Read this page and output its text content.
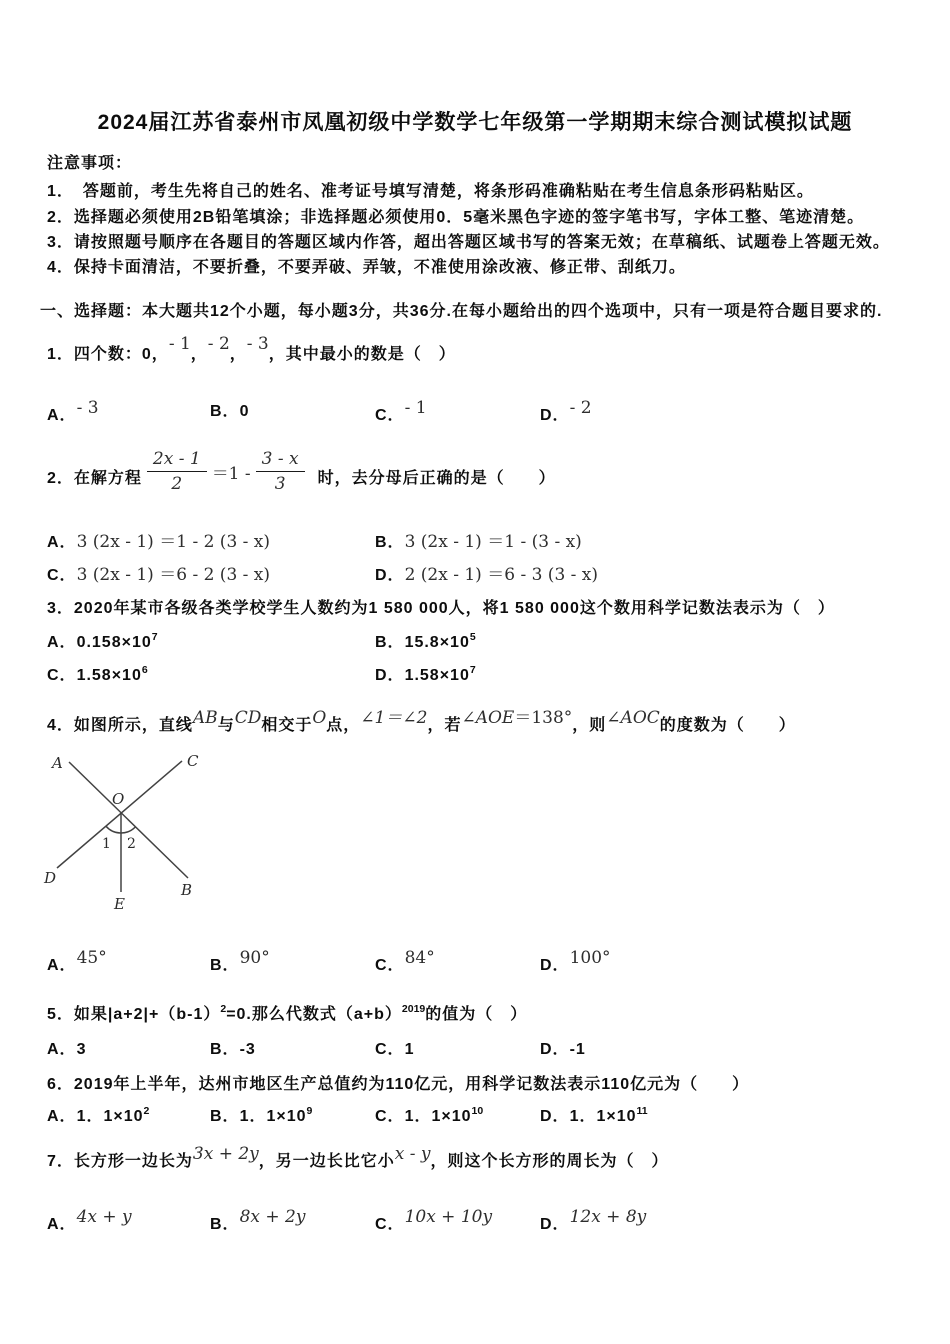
2024届江苏省泰州市凤凰初级中学数学七年级第一学期期末综合测试模拟试题
注意事项：
1．　答题前，考生先将自己的姓名、准考证号填写清楚，将条形码准确粘贴在考生信息条形码粘贴区。
2．选择题必须使用2B铅笔填涂；非选择题必须使用0．5毫米黑色字迹的签字笔书写，字体工整、笔迹清楚。
3．请按照题号顺序在各题目的答题区域内作答，超出答题区域书写的答案无效；在草稿纸、试题卷上答题无效。
4．保持卡面清洁，不要折叠，不要弄破、弄皱，不准使用涂改液、修正带、刮纸刀。
一、选择题：本大题共12个小题，每小题3分，共36分.在每小题给出的四个选项中，只有一项是符合题目要求的.
1．四个数：0，- 1，- 2，- 3，其中最小的数是（　）
A．- 3	B．0	C．- 1	D．- 2
2．在解方程 $\frac{2x - 1}{2} =1 - \frac{3 - x}{3}$ 时，去分母后正确的是（　　）
A．3 (2x - 1) ＝1 - 2 (3 - x)	B．3 (2x - 1) ＝1 - (3 - x)
C．3 (2x - 1) ＝6 - 2 (3 - x)	D．2 (2x - 1) ＝6 - 3 (3 - x)
3．2020年某市各级各类学校学生人数约为1 580 000人，将1 580 000这个数用科学记数法表示为（　）
A．$0.158\times 10^7$	B．$15.8\times 10^5$
C．$1.58\times 10^6$	D．$1.58\times 10^7$
4．如图所示，直线AB与CD相交于O点，∠1＝∠2，若∠AOE＝138°，则∠AOC的度数为（　　）
A	C
O
D
B
E
1 2
A．45°	B．90°	C．84°	D．100°
5．如果$|a+2|+(b-1)^2=0$.那么代数式$(a+b)^{2019}$的值为（　）
A．3	B．-3	C．1	D．-1
6．2019年上半年，达州市地区生产总值约为110亿元，用科学记数法表示110亿元为（　　）
A．1．$1\times 10^2$	B．1．$1\times 10^9$	C．1．$1\times 10^{10}$	D．1．$1\times 10^{11}$
7．长方形一边长为3x + 2y，另一边长比它小x - y，则这个长方形的周长为（　）
A．4x + y	B．8x + 2y	C．10x + 10y	D．12x + 8y
